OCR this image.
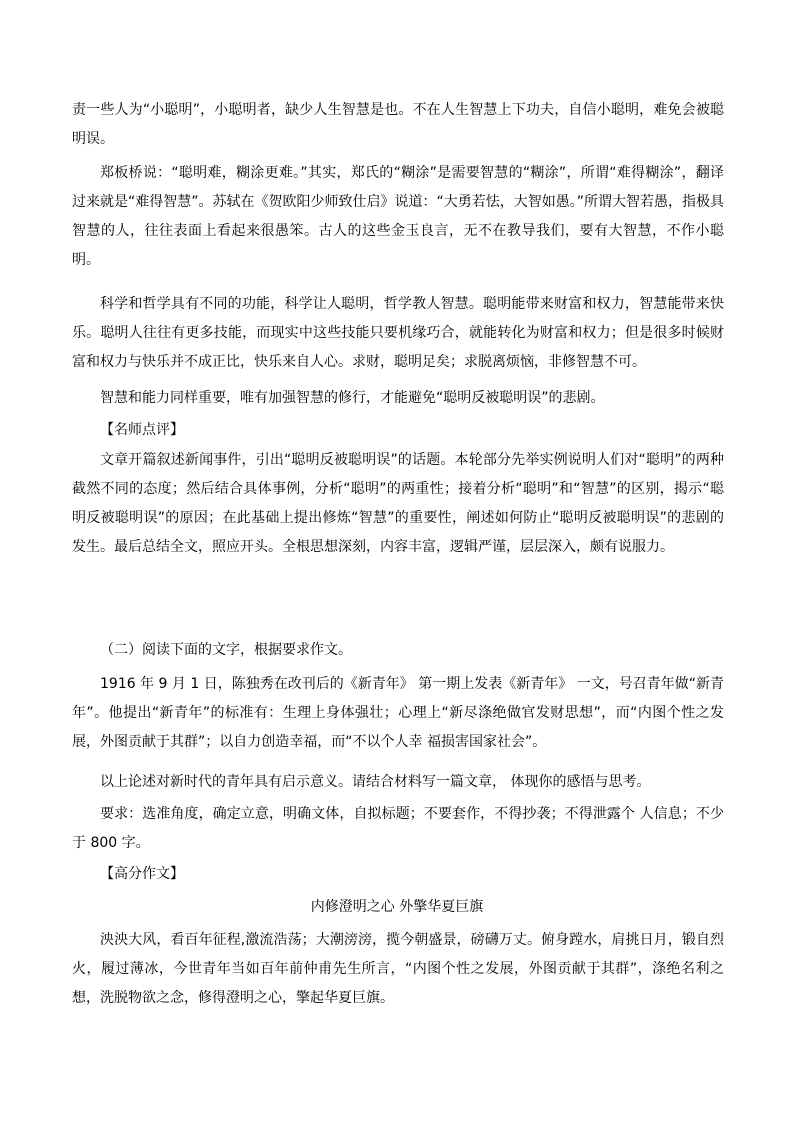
责一些人为“小聪明”，小聪明者，缺少人生智慧是也。不在人生智慧上下功夫，自信小聪明，难免会被聪明误。

郑板桥说：“聪明难，糊涂更难。”其实，郑氏的“糊涂”是需要智慧的“糊涂”，所谓“难得糊涂”，翻译过来就是“难得智慧”。苏轼在《贺欧阳少师致仕启》说道：“大勇若怯，大智如愚。”所谓大智若愚，指极具智慧的人，往往表面上看起来很愚笨。古人的这些金玉良言，无不在教导我们，要有大智慧，不作小聪明。

科学和哲学具有不同的功能，科学让人聪明，哲学教人智慧。聪明能带来财富和权力，智慧能带来快乐。聪明人往往有更多技能，而现实中这些技能只要机缘巧合，就能转化为财富和权力；但是很多时候财富和权力与快乐并不成正比，快乐来自人心。求财，聪明足矣；求脱离烦恼，非修智慧不可。

智慧和能力同样重要，唯有加强智慧的修行，才能避免“聪明反被聪明误”的悲剧。

【名师点评】

文章开篇叙述新闻事件，引出“聪明反被聪明误”的话题。本轮部分先举实例说明人们对“聪明”的两种截然不同的态度；然后结合具体事例，分析“聪明”的两重性；接着分析“聪明”和“智慧”的区别，揭示“聪明反被聪明误”的原因；在此基础上提出修炼“智慧”的重要性，阐述如何防止“聪明反被聪明误”的悲剧的发生。最后总结全文，照应开头。全根思想深刻，内容丰富，逻辑严谨，层层深入，颇有说服力。

（二）阅读下面的文字，根据要求作文。

1916 年 9 月 1 日，陈独秀在改刊后的《新青年》 第一期上发表《新青年》 一文，号召青年做“新青年”。他提出“新青年”的标准有：生理上身体强壮；心理上“新尽涤绝做官发财思想”，而“内图个性之发展，外图贡献于其群”；以自力创造幸福，而“不以个人幸 福损害国家社会”。

以上论述对新时代的青年具有启示意义。请结合材料写一篇文章， 体现你的感悟与思考。

要求：选准角度，确定立意，明确文体，自拟标题；不要套作，不得抄袭；不得泄露个 人信息；不少于 800 字。

【高分作文】

内修澄明之心 外擎华夏巨旗

泱泱大风，看百年征程,激流浩荡；大潮滂滂，揽今朝盛景，磅礴万丈。俯身蹚水，肩挑日月，锻自烈火，履过薄冰，今世青年当如百年前仲甫先生所言，“内图个性之发展，外图贡献于其群”，涤绝名利之想，洗脱物欲之念，修得澄明之心，擎起华夏巨旗。
